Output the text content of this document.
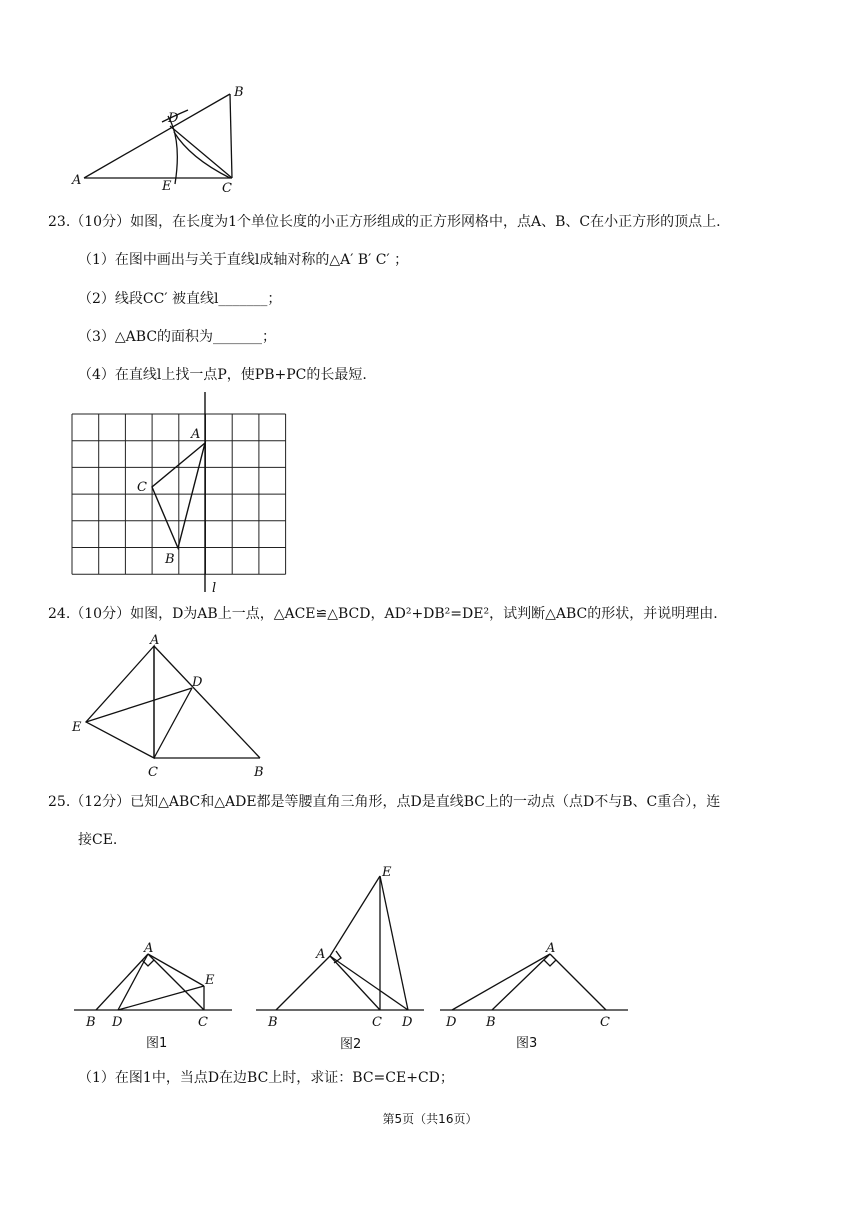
B
D
A	E	C
23.（10分）如图，在长度为1个单位长度的小正方形组成的正方形网格中，点A、B、C在小正方形的顶点上.
（1）在图中画出与关于直线l成轴对称的△A′ B′ C′ ；
（2）线段CC′ 被直线l_______；
（3）△ABC的面积为_______；
（4）在直线l上找一点P，使PB+PC的长最短.
A
C
B
l
24.（10分）如图，D为AB上一点，△ACE≌△BCD，AD²+DB²=DE²，试判断△ABC的形状，并说明理由.
A
D
E
C	B
25.（12分）已知△ABC和△ADE都是等腰直角三角形，点D是直线BC上的一动点（点D不与B、C重合），连
接CE.
A
E
B D	C
图1
E
A
B	C D
图2
A
D B	C
图3
（1）在图1中，当点D在边BC上时，求证：BC=CE+CD；
第5页（共16页）
